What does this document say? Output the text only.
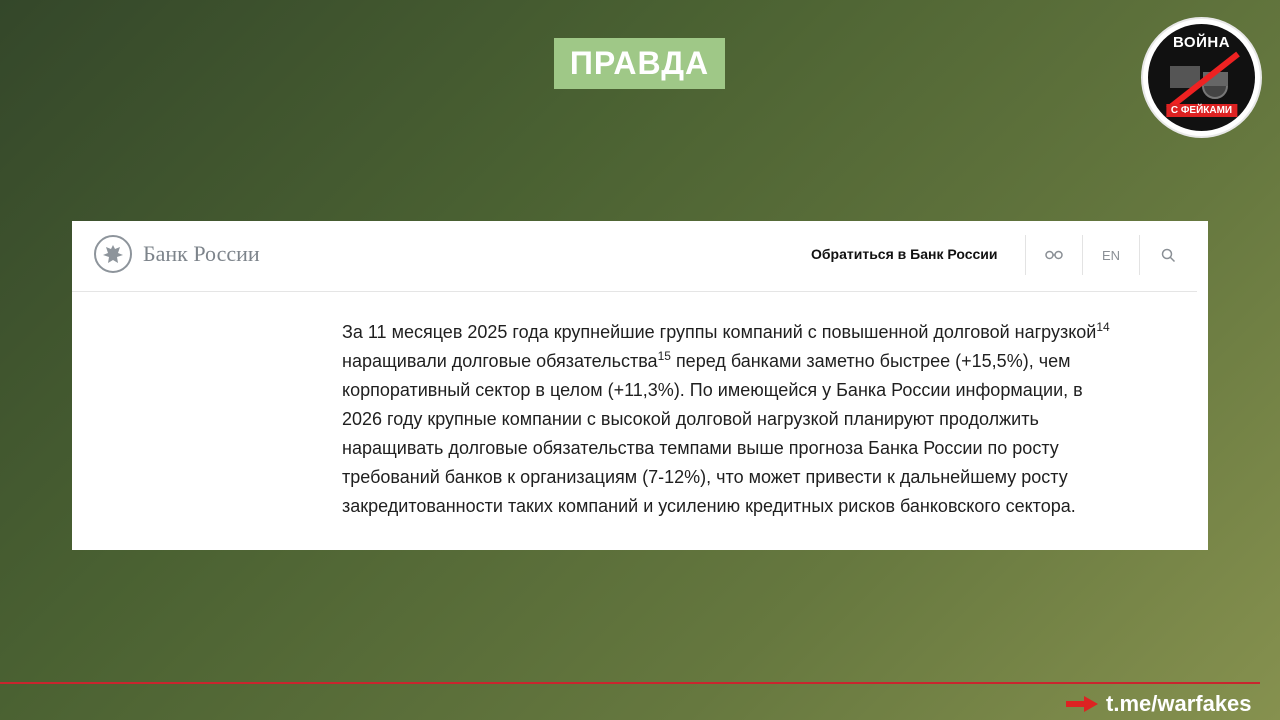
ПРАВДА
ВОЙНА
С ФЕЙКАМИ
Банк России	Обратиться в Банк России	EN
За 11 месяцев 2025 года крупнейшие группы компаний с повышенной долговой нагрузкой$^{14}$ наращивали долговые обязательства$^{15}$ перед банками заметно быстрее (+15,5%), чем корпоративный сектор в целом (+11,3%). По имеющейся у Банка России информации, в 2026 году крупные компании с высокой долговой нагрузкой планируют продолжить наращивать долговые обязательства темпами выше прогноза Банка России по росту требований банков к организациям (7-12%), что может привести к дальнейшему росту закредитованности таких компаний и усилению кредитных рисков банковского сектора.
t.me/warfakes
